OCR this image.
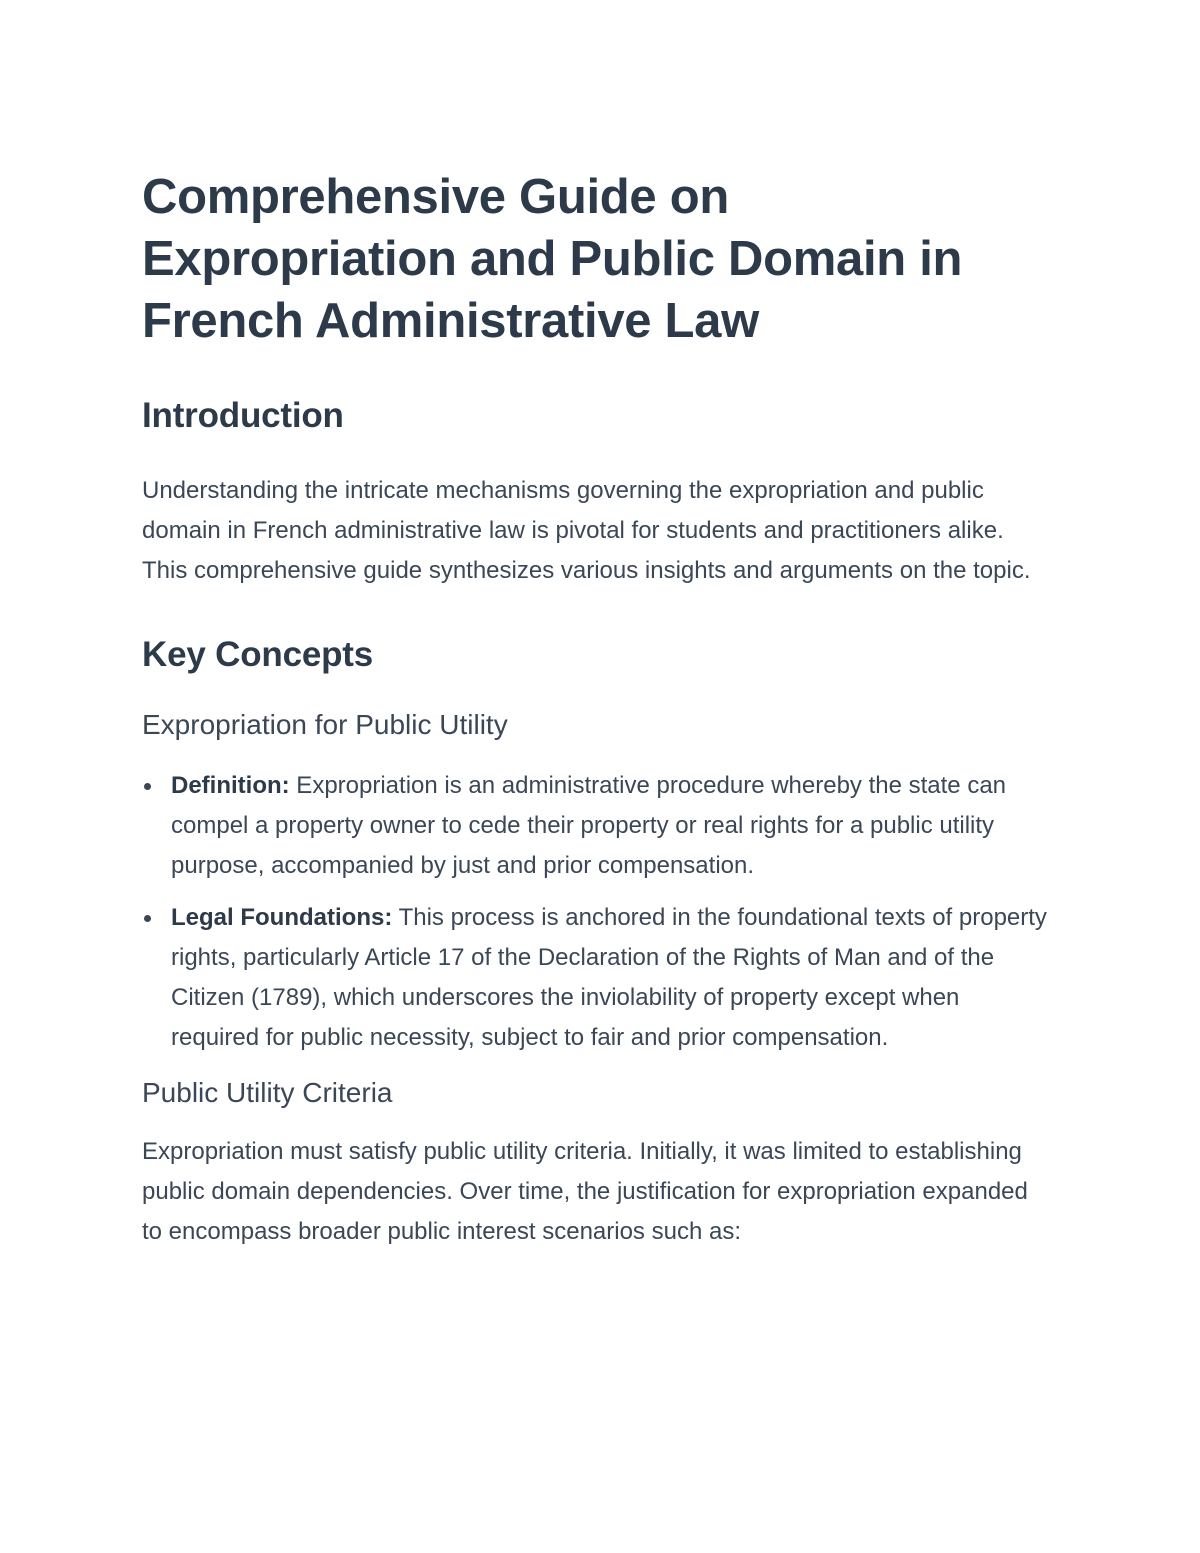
Comprehensive Guide on Expropriation and Public Domain in French Administrative Law
Introduction

Understanding the intricate mechanisms governing the expropriation and public domain in French administrative law is pivotal for students and practitioners alike. This comprehensive guide synthesizes various insights and arguments on the topic.

Key Concepts
Expropriation for Public Utility
Definition: Expropriation is an administrative procedure whereby the state can compel a property owner to cede their property or real rights for a public utility purpose, accompanied by just and prior compensation.
Legal Foundations: This process is anchored in the foundational texts of property rights, particularly Article 17 of the Declaration of the Rights of Man and of the Citizen (1789), which underscores the inviolability of property except when required for public necessity, subject to fair and prior compensation.
Public Utility Criteria

Expropriation must satisfy public utility criteria. Initially, it was limited to establishing public domain dependencies. Over time, the justification for expropriation expanded to encompass broader public interest scenarios such as:
